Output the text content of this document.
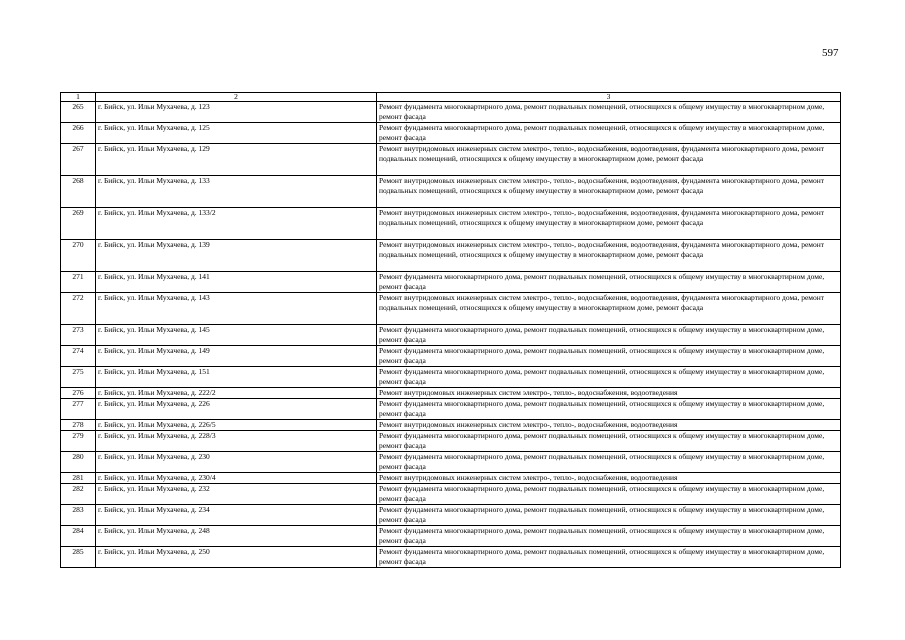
597
1	2	3
265	г. Бийск, ул. Ильи Мухачева, д. 123	Ремонт фундамента многоквартирного дома, ремонт подвальных помещений, относящихся к общему имуществу в многоквартирном доме, ремонт фасада
266	г. Бийск, ул. Ильи Мухачева, д. 125	Ремонт фундамента многоквартирного дома, ремонт подвальных помещений, относящихся к общему имуществу в многоквартирном доме, ремонт фасада
267	г. Бийск, ул. Ильи Мухачева, д. 129	Ремонт внутридомовых инженерных систем электро-, тепло-, водоснабжения, водоотведения, фундамента многоквартирного дома, ремонт подвальных помещений, относящихся к общему имуществу в многоквартирном доме, ремонт фасада
268	г. Бийск, ул. Ильи Мухачева, д. 133	Ремонт внутридомовых инженерных систем электро-, тепло-, водоснабжения, водоотведения, фундамента многоквартирного дома, ремонт подвальных помещений, относящихся к общему имуществу в многоквартирном доме, ремонт фасада
269	г. Бийск, ул. Ильи Мухачева, д. 133/2	Ремонт внутридомовых инженерных систем электро-, тепло-, водоснабжения, водоотведения, фундамента многоквартирного дома, ремонт подвальных помещений, относящихся к общему имуществу в многоквартирном доме, ремонт фасада
270	г. Бийск, ул. Ильи Мухачева, д. 139	Ремонт внутридомовых инженерных систем электро-, тепло-, водоснабжения, водоотведения, фундамента многоквартирного дома, ремонт подвальных помещений, относящихся к общему имуществу в многоквартирном доме, ремонт фасада
271	г. Бийск, ул. Ильи Мухачева, д. 141	Ремонт фундамента многоквартирного дома, ремонт подвальных помещений, относящихся к общему имуществу в многоквартирном доме, ремонт фасада
272	г. Бийск, ул. Ильи Мухачева, д. 143	Ремонт внутридомовых инженерных систем электро-, тепло-, водоснабжения, водоотведения, фундамента многоквартирного дома, ремонт подвальных помещений, относящихся к общему имуществу в многоквартирном доме, ремонт фасада
273	г. Бийск, ул. Ильи Мухачева, д. 145	Ремонт фундамента многоквартирного дома, ремонт подвальных помещений, относящихся к общему имуществу в многоквартирном доме, ремонт фасада
274	г. Бийск, ул. Ильи Мухачева, д. 149	Ремонт фундамента многоквартирного дома, ремонт подвальных помещений, относящихся к общему имуществу в многоквартирном доме, ремонт фасада
275	г. Бийск, ул. Ильи Мухачева, д. 151	Ремонт фундамента многоквартирного дома, ремонт подвальных помещений, относящихся к общему имуществу в многоквартирном доме, ремонт фасада
276	г. Бийск, ул. Ильи Мухачева, д. 222/2	Ремонт внутридомовых инженерных систем электро-, тепло-, водоснабжения, водоотведения
277	г. Бийск, ул. Ильи Мухачева, д. 226	Ремонт фундамента многоквартирного дома, ремонт подвальных помещений, относящихся к общему имуществу в многоквартирном доме, ремонт фасада
278	г. Бийск, ул. Ильи Мухачева, д. 226/5	Ремонт внутридомовых инженерных систем электро-, тепло-, водоснабжения, водоотведения
279	г. Бийск, ул. Ильи Мухачева, д. 228/3	Ремонт фундамента многоквартирного дома, ремонт подвальных помещений, относящихся к общему имуществу в многоквартирном доме, ремонт фасада
280	г. Бийск, ул. Ильи Мухачева, д. 230	Ремонт фундамента многоквартирного дома, ремонт подвальных помещений, относящихся к общему имуществу в многоквартирном доме, ремонт фасада
281	г. Бийск, ул. Ильи Мухачева, д. 230/4	Ремонт внутридомовых инженерных систем электро-, тепло-, водоснабжения, водоотведения
282	г. Бийск, ул. Ильи Мухачева, д. 232	Ремонт фундамента многоквартирного дома, ремонт подвальных помещений, относящихся к общему имуществу в многоквартирном доме, ремонт фасада
283	г. Бийск, ул. Ильи Мухачева, д. 234	Ремонт фундамента многоквартирного дома, ремонт подвальных помещений, относящихся к общему имуществу в многоквартирном доме, ремонт фасада
284	г. Бийск, ул. Ильи Мухачева, д. 248	Ремонт фундамента многоквартирного дома, ремонт подвальных помещений, относящихся к общему имуществу в многоквартирном доме, ремонт фасада
285	г. Бийск, ул. Ильи Мухачева, д. 250	Ремонт фундамента многоквартирного дома, ремонт подвальных помещений, относящихся к общему имуществу в многоквартирном доме, ремонт фасада
